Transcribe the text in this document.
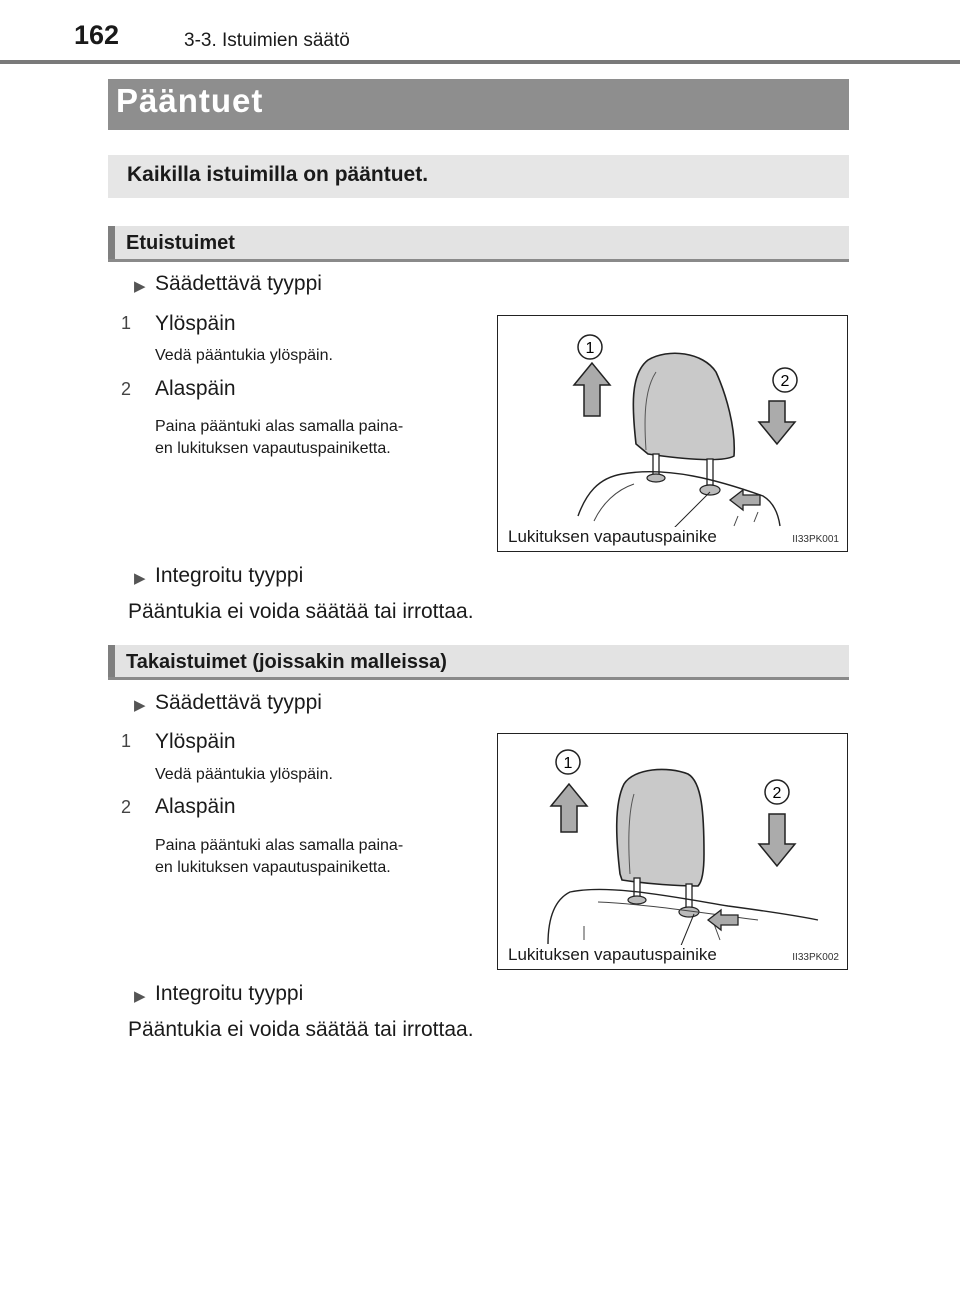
162	3-3. Istuimien säätö
Pääntuet
Kaikilla istuimilla on pääntuet.
Etuistuimet
▶ Säädettävä tyyppi
1 Ylöspäin
Vedä pääntukia ylöspäin.
2 Alaspäin
Paina pääntuki alas samalla paina-
en lukituksen vapautuspainiketta.
1
2
Lukituksen vapautuspainike	II33PK001
▶ Integroitu tyyppi
Pääntukia ei voida säätää tai irrottaa.
Takaistuimet (joissakin malleissa)
▶ Säädettävä tyyppi
1 Ylöspäin
Vedä pääntukia ylöspäin.
2 Alaspäin
Paina pääntuki alas samalla paina-
en lukituksen vapautuspainiketta.
1
2
Lukituksen vapautuspainike	II33PK002
▶ Integroitu tyyppi
Pääntukia ei voida säätää tai irrottaa.
